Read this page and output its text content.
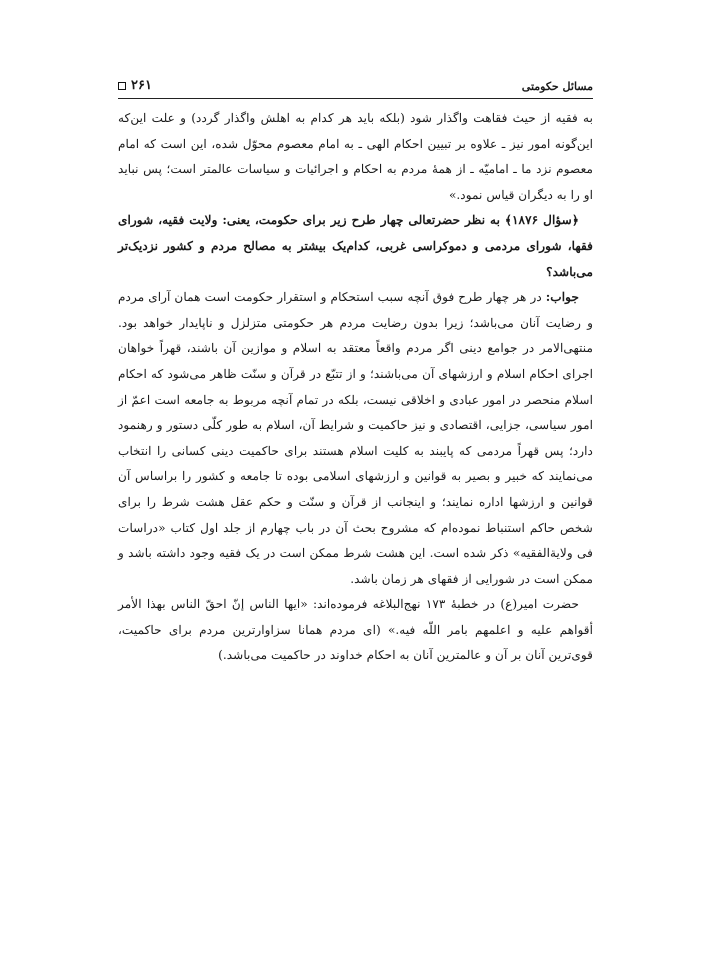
مسائل حکومتی
۲۶۱

به فقیه از حیث فقاهت واگذار شود (بلکه باید هر کدام به اهلش واگذار گردد) و علت این‌که این‌گونه امور نیز ـ علاوه بر تبیین احکام الهی ـ به امام معصوم محوّل شده، این است که امام معصوم نزد ما ـ امامیّه ـ از همهٔ مردم به احکام و اجرائیات و سیاسات عالمتر است؛ پس نباید او را به دیگران قیاس نمود.»

﴿سؤال ۱۸۷۶﴾ به نظر حضرتعالی چهار طرح زیر برای حکومت، یعنی: ولایت فقیه، شورای فقها، شورای مردمی و دموکراسی غربی، کدام‌یک بیشتر به مصالح مردم و کشور نزدیک‌تر می‌باشد؟

جواب: در هر چهار طرح فوق آنچه سبب استحکام و استقرار حکومت است همان آرای مردم و رضایت آنان می‌باشد؛ زیرا بدون رضایت مردم هر حکومتی متزلزل و ناپایدار خواهد بود. منتهی‌الامر در جوامع دینی اگر مردم واقعاً معتقد به اسلام و موازین آن باشند، قهراً خواهان اجرای احکام اسلام و ارزشهای آن می‌باشند؛ و از تتبّع در قرآن و سنّت ظاهر می‌شود که احکام اسلام منحصر در امور عبادی و اخلاقی نیست، بلکه در تمام آنچه مربوط به جامعه است اعمّ از امور سیاسی، جزایی، اقتصادی و نیز حاکمیت و شرایط آن، اسلام به طور کلّی دستور و رهنمود دارد؛ پس قهراً مردمی که پایبند به کلیت اسلام هستند برای حاکمیت دینی کسانی را انتخاب می‌نمایند که خبیر و بصیر به قوانین و ارزشهای اسلامی بوده تا جامعه و کشور را براساس آن قوانین و ارزشها اداره نمایند؛ و اینجانب از قرآن و سنّت و حکم عقل هشت شرط را برای شخص حاکم استنباط نموده‌ام که مشروح بحث آن در باب چهارم از جلد اول کتاب «دراسات فی ولایة‌الفقیه» ذکر شده است. این هشت شرط ممکن است در یک فقیه وجود داشته باشد و ممکن است در شورایی از فقهای هر زمان باشد.

حضرت امیر(ع) در خطبهٔ ۱۷۳ نهج‌البلاغه فرموده‌اند: «ایها الناس إنّ احقّ الناس بهذا الأمر أقواهم علیه و اعلمهم بامر اللّه فیه.» (ای مردم همانا سزاوارترین مردم برای حاکمیت، قوی‌ترین آنان بر آن و عالمترین آنان به احکام خداوند در حاکمیت می‌باشد.)
